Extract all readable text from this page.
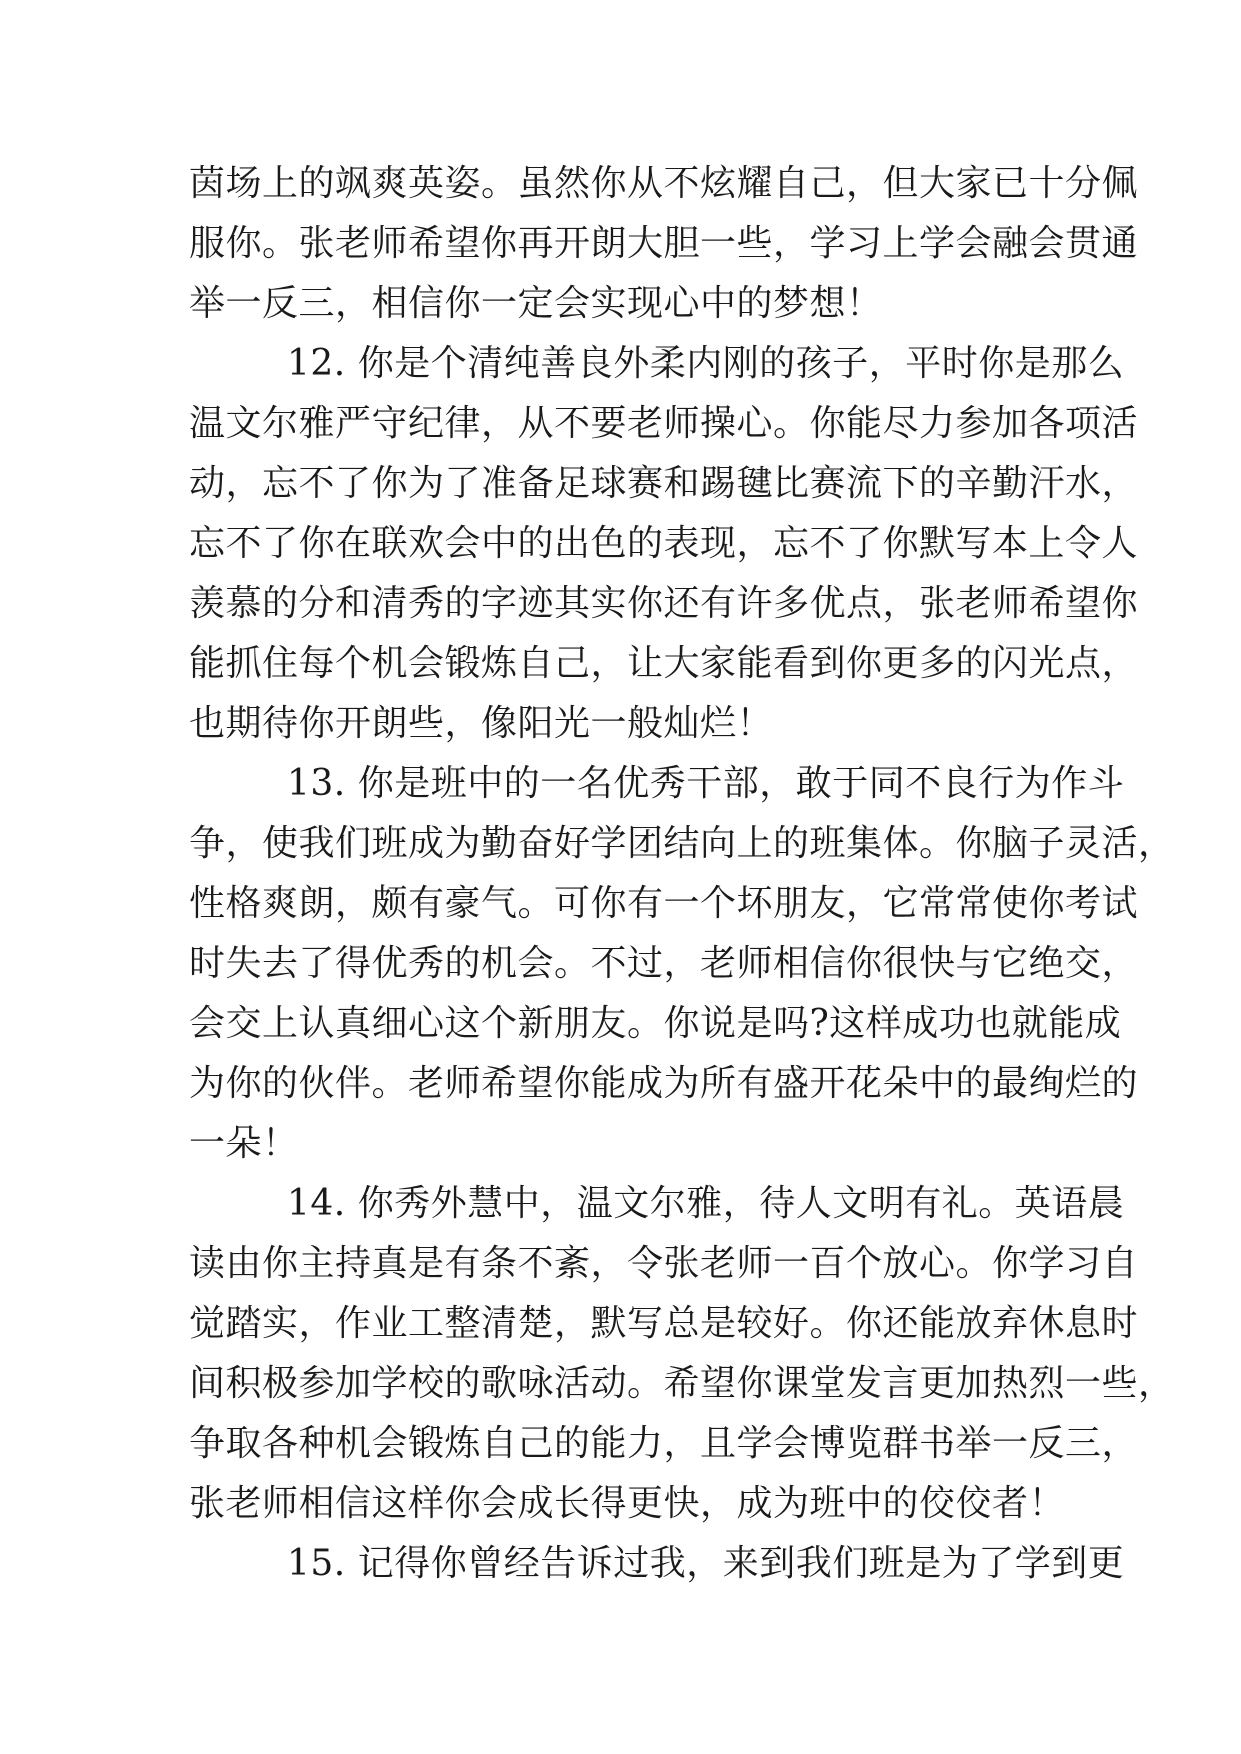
茵场上的飒爽英姿。虽然你从不炫耀自己，但大家已十分佩
服你。张老师希望你再开朗大胆一些，学习上学会融会贯通
举一反三，相信你一定会实现心中的梦想！
12. 你是个清纯善良外柔内刚的孩子，平时你是那么
温文尔雅严守纪律，从不要老师操心。你能尽力参加各项活
动，忘不了你为了准备足球赛和踢毽比赛流下的辛勤汗水，
忘不了你在联欢会中的出色的表现，忘不了你默写本上令人
羡慕的分和清秀的字迹其实你还有许多优点，张老师希望你
能抓住每个机会锻炼自己，让大家能看到你更多的闪光点，
也期待你开朗些，像阳光一般灿烂！
13. 你是班中的一名优秀干部，敢于同不良行为作斗
争，使我们班成为勤奋好学团结向上的班集体。你脑子灵活，
性格爽朗，颇有豪气。可你有一个坏朋友，它常常使你考试
时失去了得优秀的机会。不过，老师相信你很快与它绝交，
会交上认真细心这个新朋友。你说是吗?这样成功也就能成
为你的伙伴。老师希望你能成为所有盛开花朵中的最绚烂的
一朵！
14. 你秀外慧中，温文尔雅，待人文明有礼。英语晨
读由你主持真是有条不紊，令张老师一百个放心。你学习自
觉踏实，作业工整清楚，默写总是较好。你还能放弃休息时
间积极参加学校的歌咏活动。希望你课堂发言更加热烈一些，
争取各种机会锻炼自己的能力，且学会博览群书举一反三，
张老师相信这样你会成长得更快，成为班中的佼佼者！
15. 记得你曾经告诉过我，来到我们班是为了学到更
